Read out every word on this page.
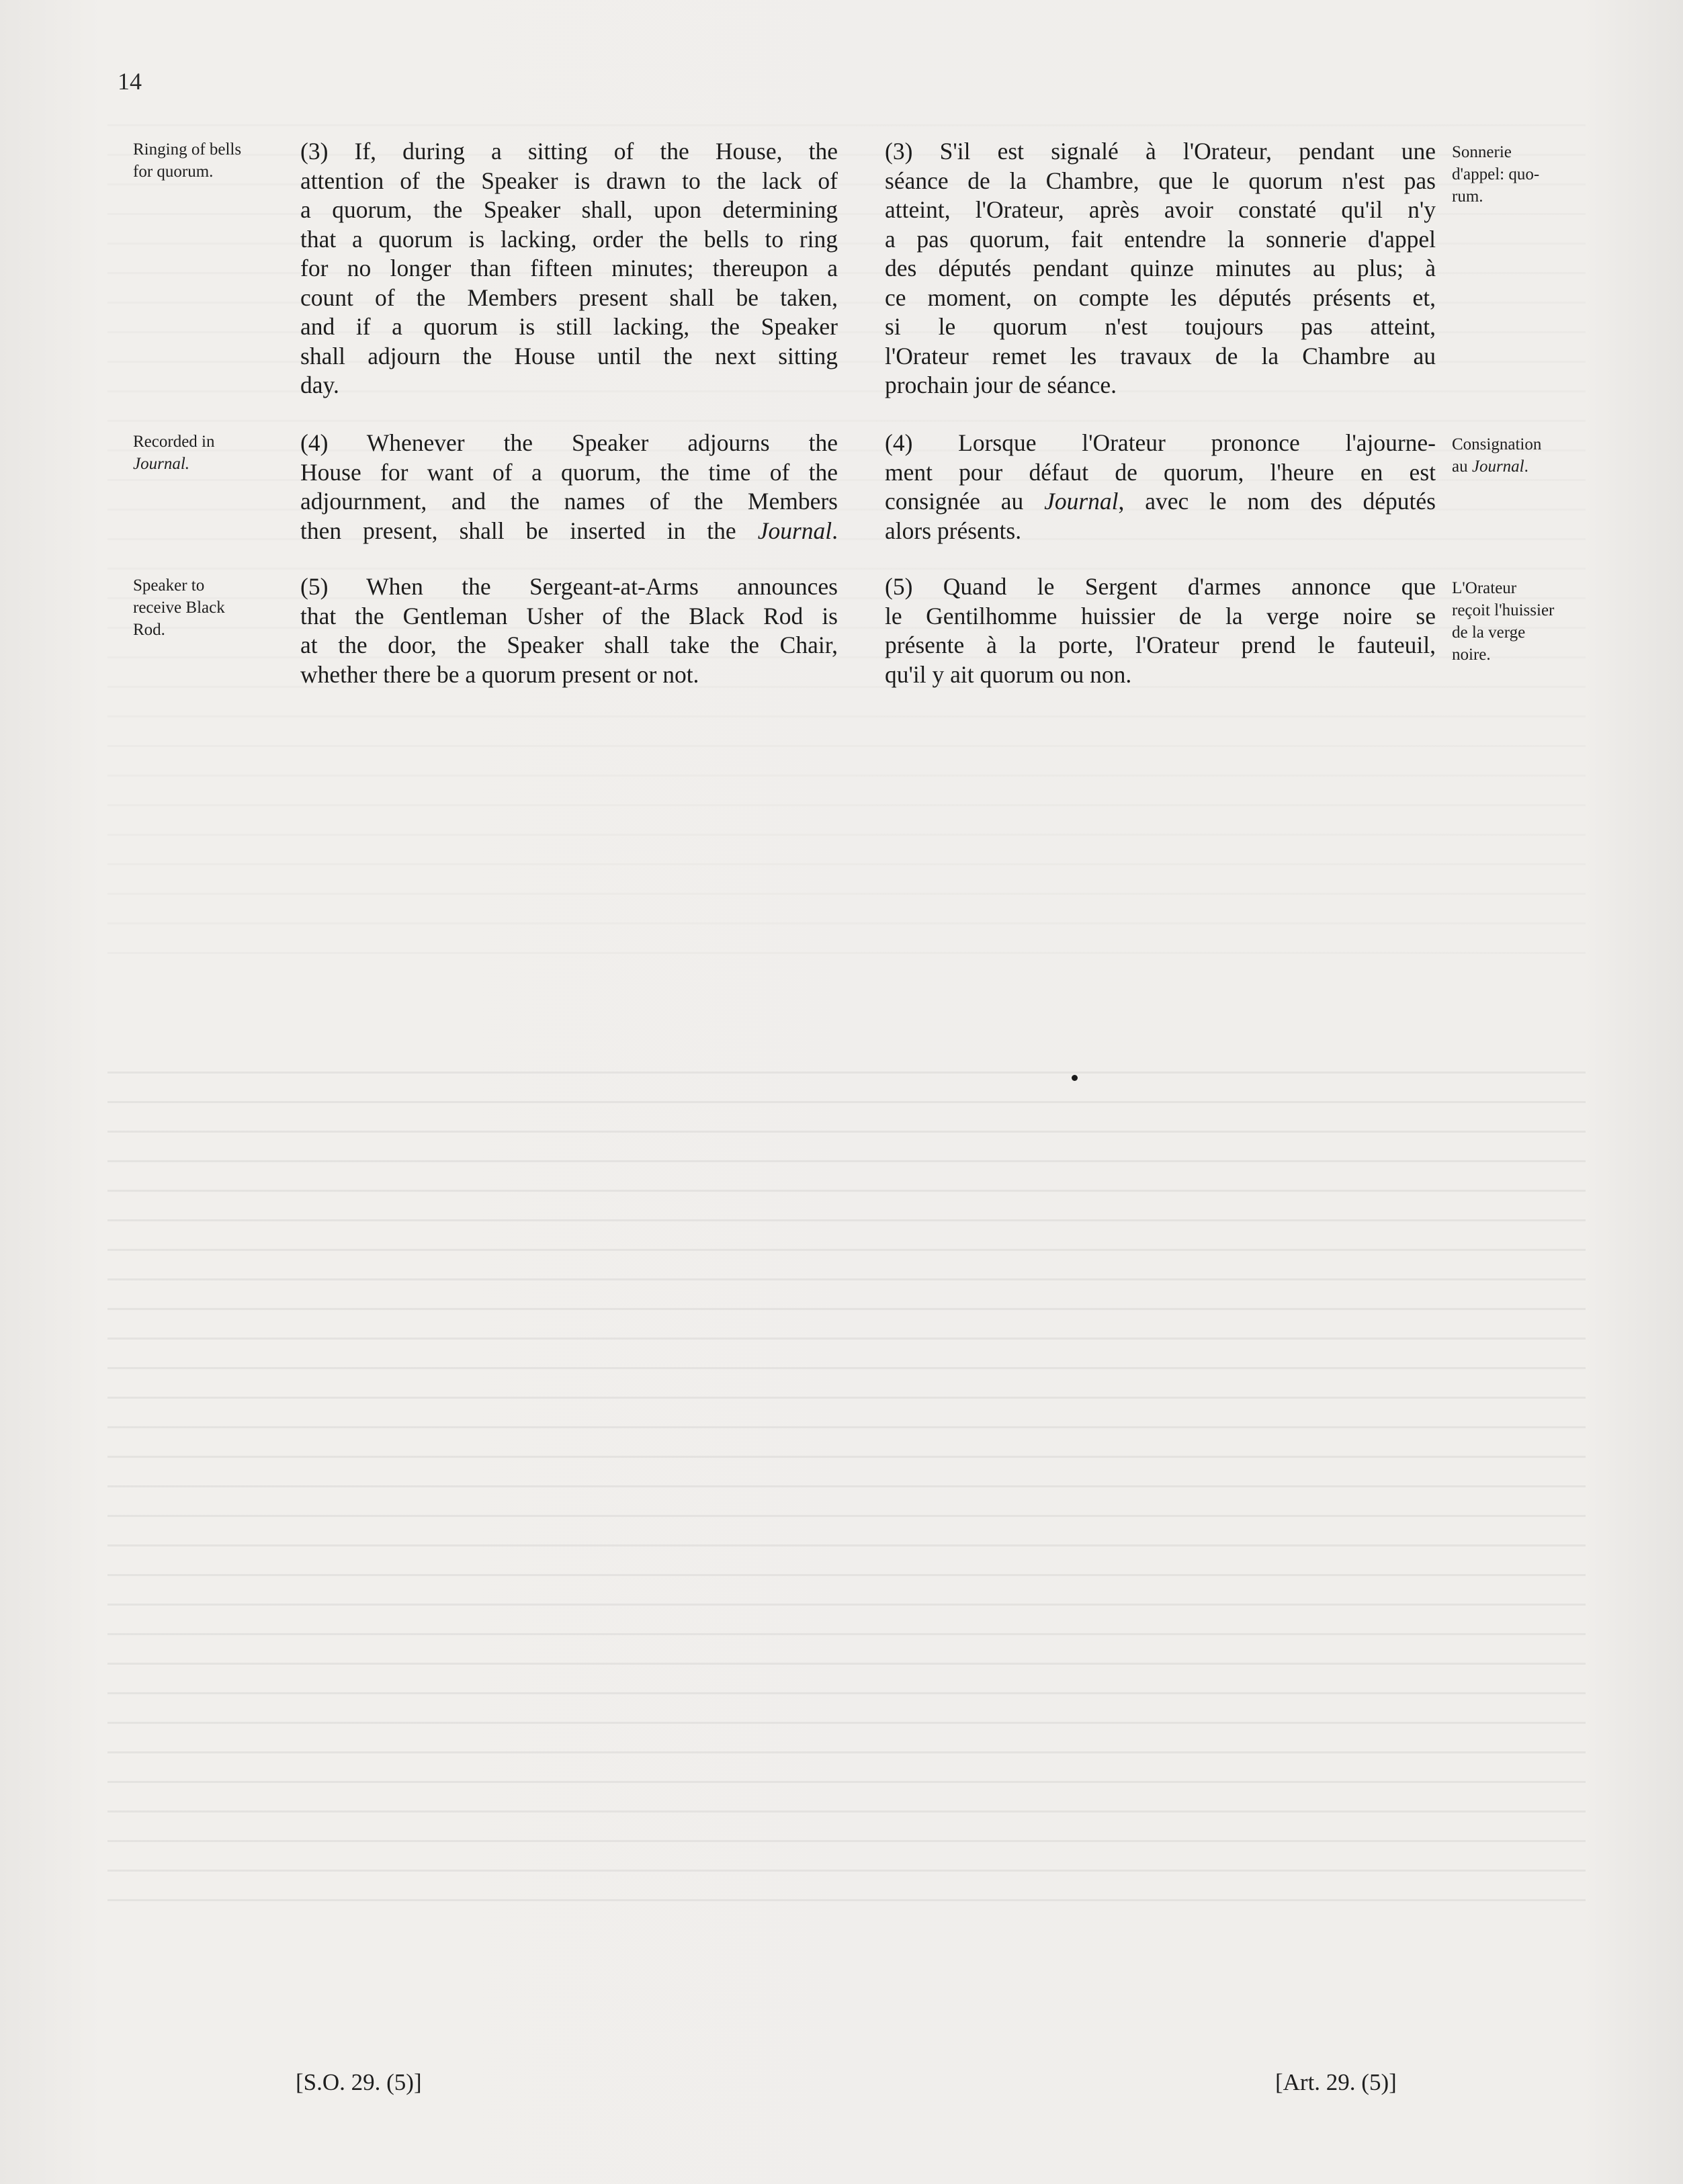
14
Ringing of bells
for quorum.
Recorded in
Journal.
Speaker to
receive Black
Rod.
(3) If, during a sitting of the House, the
attention of the Speaker is drawn to the lack of
a quorum, the Speaker shall, upon determining
that a quorum is lacking, order the bells to ring
for no longer than fifteen minutes; thereupon a
count of the Members present shall be taken,
and if a quorum is still lacking, the Speaker
shall adjourn the House until the next sitting
day.
(4) Whenever the Speaker adjourns the
House for want of a quorum, the time of the
adjournment, and the names of the Members
then present, shall be inserted in the Journal.
(5) When the Sergeant-at-Arms announces
that the Gentleman Usher of the Black Rod is
at the door, the Speaker shall take the Chair,
whether there be a quorum present or not.
(3) S'il est signalé à l'Orateur, pendant une
séance de la Chambre, que le quorum n'est pas
atteint, l'Orateur, après avoir constaté qu'il n'y
a pas quorum, fait entendre la sonnerie d'appel
des députés pendant quinze minutes au plus; à
ce moment, on compte les députés présents et,
si le quorum n'est toujours pas atteint,
l'Orateur remet les travaux de la Chambre au
prochain jour de séance.
(4) Lorsque l'Orateur prononce l'ajourne-
ment pour défaut de quorum, l'heure en est
consignée au Journal, avec le nom des députés
alors présents.
(5) Quand le Sergent d'armes annonce que
le Gentilhomme huissier de la verge noire se
présente à la porte, l'Orateur prend le fauteuil,
qu'il y ait quorum ou non.
Sonnerie
d'appel: quo-
rum.
Consignation
au Journal.
L'Orateur
reçoit l'huissier
de la verge
noire.
[S.O. 29. (5)]	[Art. 29. (5)]
